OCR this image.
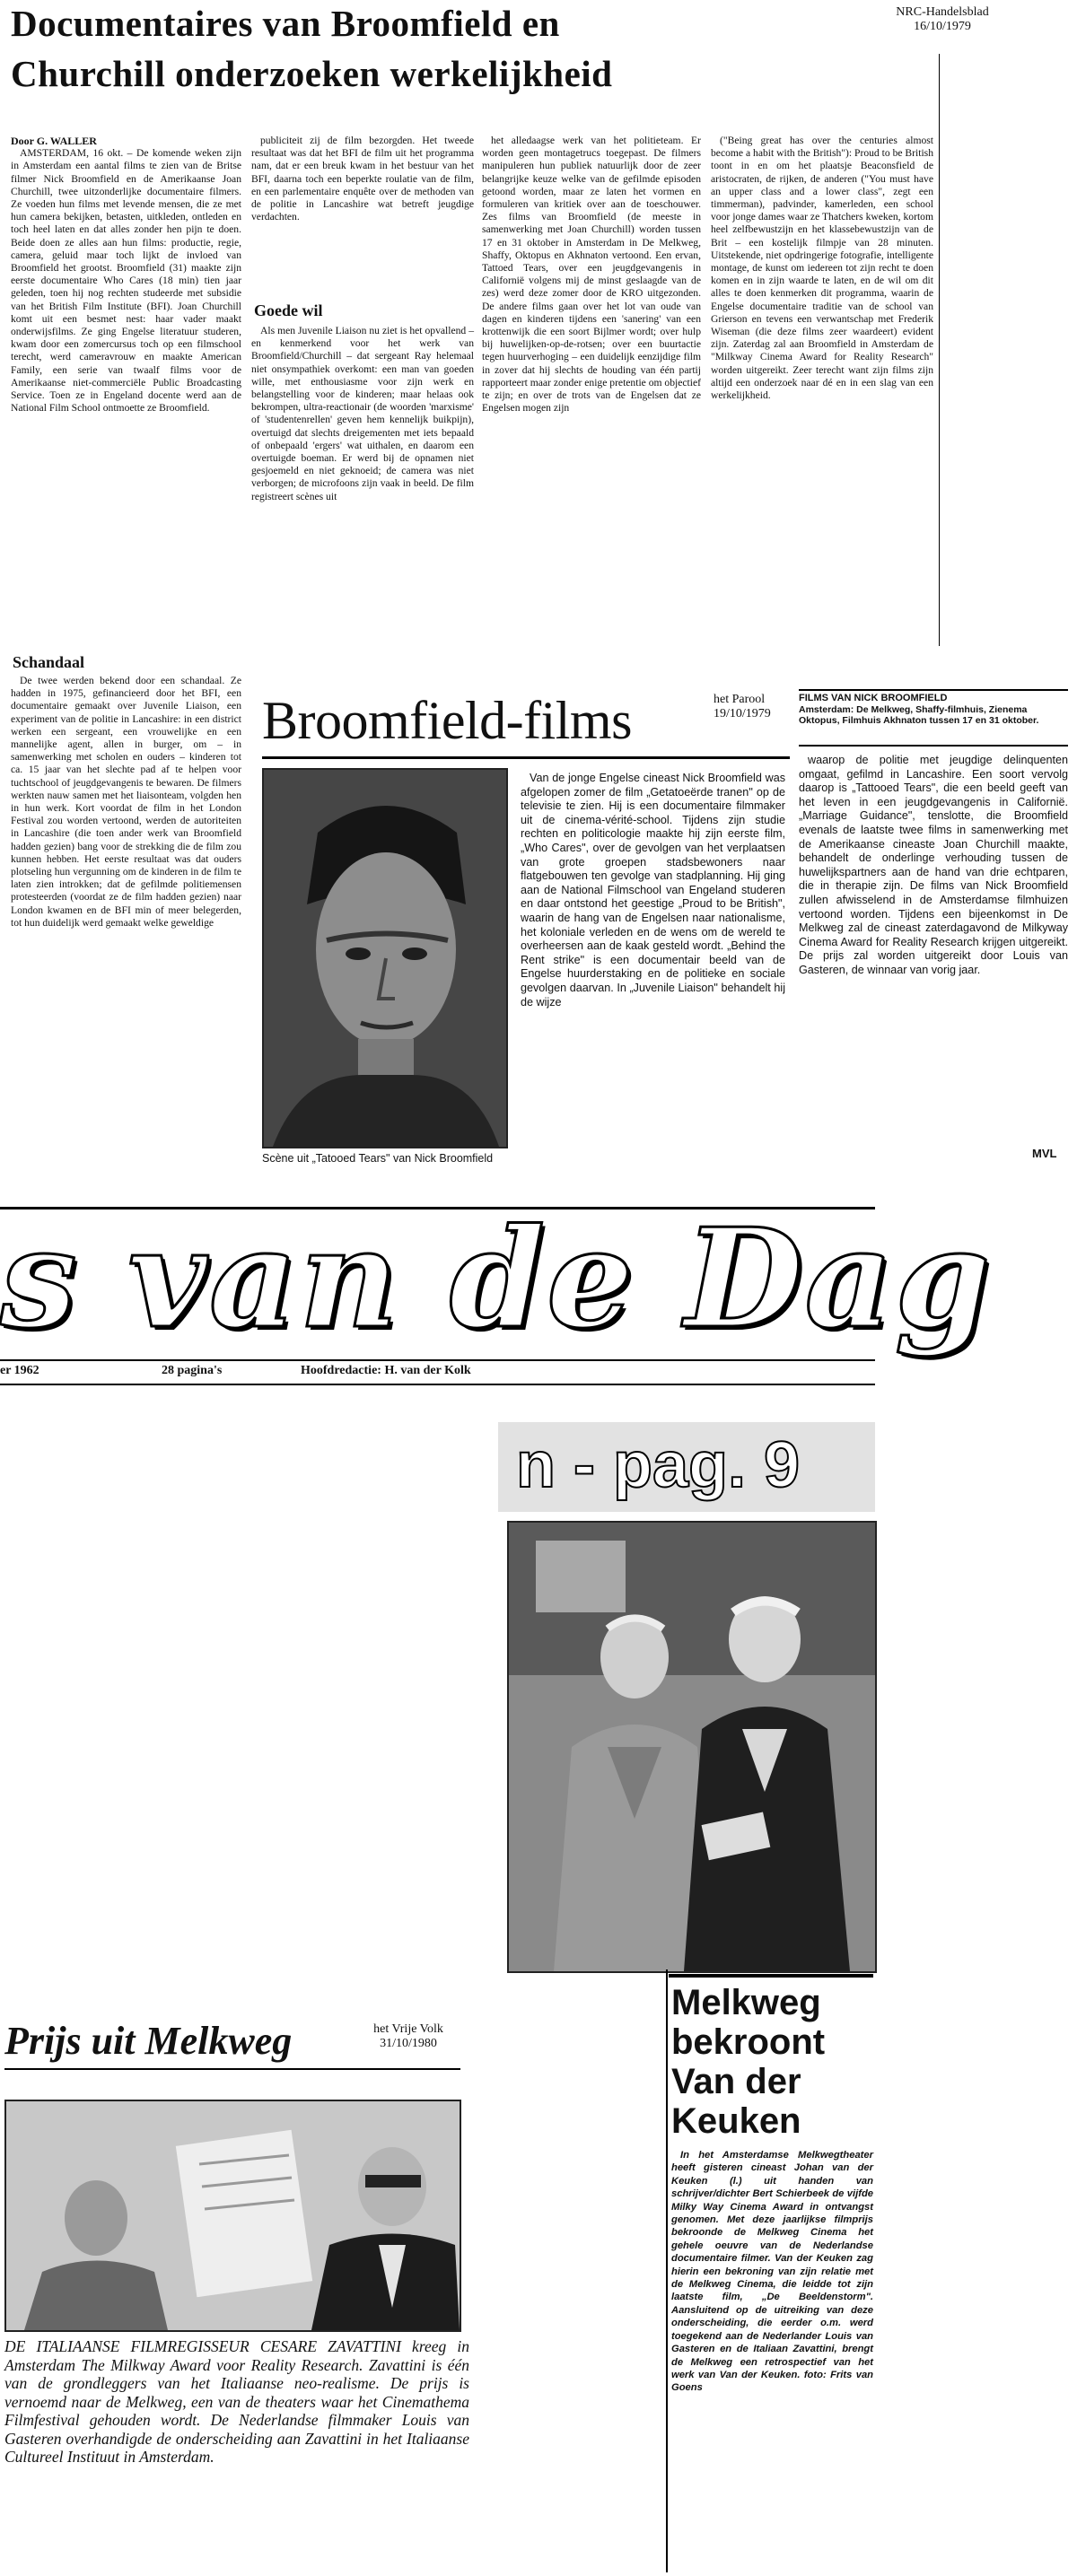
Documentaires van Broomfield en
Churchill onderzoeken werkelijkheid
NRC-Handelsblad
16/10/1979
Door G. WALLER

AMSTERDAM, 16 okt. – De komende weken zijn in Amsterdam een aantal films te zien van de Britse filmer Nick Broomfield en de Amerikaanse Joan Churchill, twee uitzonderlijke documentaire filmers. Ze voeden hun films met levende mensen, die ze met hun camera bekijken, betasten, uitkleden, ontleden en toch heel laten en dat alles zonder hen pijn te doen. Beide doen ze alles aan hun films: productie, regie, camera, geluid maar toch lijkt de invloed van Broomfield het grootst. Broomfield (31) maakte zijn eerste documentaire Who Cares (18 min) tien jaar geleden, toen hij nog rechten studeerde met subsidie van het British Film Institute (BFI). Joan Churchill komt uit een besmet nest: haar vader maakt onderwijsfilms. Ze ging Engelse literatuur studeren, kwam door een zomercursus toch op een filmschool terecht, werd cameravrouw en maakte American Family, een serie van twaalf films voor de Amerikaanse niet-commerciële Public Broadcasting Service. Toen ze in Engeland docente werd aan de National Film School ontmoette ze Broomfield.

Schandaal

De twee werden bekend door een schandaal. Ze hadden in 1975, gefinancieerd door het BFI, een documentaire gemaakt over Juvenile Liaison, een experiment van de politie in Lancashire: in een district werken een sergeant, een vrouwelijke en een mannelijke agent, allen in burger, om – in samenwerking met scholen en ouders – kinderen tot ca. 15 jaar van het slechte pad af te helpen voor tuchtschool of jeugdgevangenis te bewaren. De filmers werkten nauw samen met het liaisonteam, volgden hen in hun werk. Kort voordat de film in het London Festival zou worden vertoond, werden de autoriteiten in Lancashire (die toen ander werk van Broomfield hadden gezien) bang voor de strekking die de film zou kunnen hebben. Het eerste resultaat was dat ouders plotseling hun vergunning om de kinderen in de film te laten zien introkken; dat de gefilmde politiemensen protesteerden (voordat ze de film hadden gezien) naar London kwamen en de BFI min of meer belegerden, tot hun duidelijk werd gemaakt welke geweldige

publiciteit zij de film bezorgden. Het tweede resultaat was dat het BFI de film uit het programma nam, dat er een breuk kwam in het bestuur van het BFI, daarna toch een beperkte roulatie van de film, en een parlementaire enquête over de methoden van de politie in Lancashire wat betreft jeugdige verdachten.

Goede wil

Als men Juvenile Liaison nu ziet is het opvallend – en kenmerkend voor het werk van Broomfield/Churchill – dat sergeant Ray helemaal niet onsympathiek overkomt: een man van goeden wille, met enthousiasme voor zijn werk en belangstelling voor de kinderen; maar helaas ook bekrompen, ultra-reactionair (de woorden 'marxisme' of 'studentenrellen' geven hem kennelijk buikpijn), overtuigd dat slechts dreigementen met iets bepaald of onbepaald 'ergers' wat uithalen, en daarom een overtuigde boeman. Er werd bij de opnamen niet gesjoemeld en niet geknoeid; de camera was niet verborgen; de microfoons zijn vaak in beeld. De film registreert scènes uit

het alledaagse werk van het politieteam. Er worden geen montagetrucs toegepast. De filmers manipuleren hun publiek natuurlijk door de zeer belangrijke keuze welke van de gefilmde episoden getoond worden, maar ze laten het vormen en formuleren van kritiek over aan de toeschouwer. Zes films van Broomfield (de meeste in samenwerking met Joan Churchill) worden tussen 17 en 31 oktober in Amsterdam in De Melkweg, Shaffy, Oktopus en Akhnaton vertoond. Een ervan, Tattoed Tears, over een jeugdgevangenis in Californië volgens mij de minst geslaagde van de zes) werd deze zomer door de KRO uitgezonden. De andere films gaan over het lot van oude van dagen en kinderen tijdens een 'sanering' van een krottenwijk die een soort Bijlmer wordt; over hulp bij huwelijken-op-de-rotsen; over een buurtactie tegen huurverhoging – een duidelijk eenzijdige film in zover dat hij slechts de houding van één partij rapporteert maar zonder enige pretentie om objectief te zijn; en over de trots van de Engelsen dat ze Engelsen mogen zijn

("Being great has over the centuries almost become a habit with the British"): Proud to be British toont in en om het plaatsje Beaconsfield de aristocraten, de rijken, de anderen ("You must have an upper class and a lower class", zegt een timmerman), padvinder, kamerleden, een school voor jonge dames waar ze Thatchers kweken, kortom heel zelfbewustzijn en het klassebewustzijn van de Brit – een kostelijk filmpje van 28 minuten. Uitstekende, niet opdringerige fotografie, intelligente montage, de kunst om iedereen tot zijn recht te doen komen en in zijn waarde te laten, en de wil om dit alles te doen kenmerken dit programma, waarin de Engelse documentaire traditie van de school van Grierson en tevens een verwantschap met Frederik Wiseman (die deze films zeer waardeert) evident zijn. Zaterdag zal aan Broomfield in Amsterdam de "Milkway Cinema Award for Reality Research" worden uitgereikt. Zeer terecht want zijn films zijn altijd een onderzoek naar dé en in een slag van een werkelijkheid.

Broomfield-films	het Parool
19/10/1979
Scène uit „Tatooed Tears" van Nick Broomfield

Van de jonge Engelse cineast Nick Broomfield was afgelopen zomer de film „Getatoeërde tranen" op de televisie te zien. Hij is een documentaire filmmaker uit de cinema-vérité-school. Tijdens zijn studie rechten en politicologie maakte hij zijn eerste film, „Who Cares", over de gevolgen van het verplaatsen van grote groepen stadsbewoners naar flatgebouwen ten gevolge van stadplanning. Hij ging aan de National Filmschool van Engeland studeren en daar ontstond het geestige „Proud to be British", waarin de hang van de Engelsen naar nationalisme, het koloniale verleden en de wens om de wereld te overheersen aan de kaak gesteld wordt. „Behind the Rent strike" is een documentair beeld van de Engelse huurderstaking en de politieke en sociale gevolgen daarvan. In „Juvenile Liaison" behandelt hij de wijze

FILMS VAN NICK BROOMFIELD
Amsterdam: De Melkweg, Shaffy-filmhuis, Zienema Oktopus, Filmhuis Akhnaton tussen 17 en 31 oktober.

waarop de politie met jeugdige delinquenten omgaat, gefilmd in Lancashire. Een soort vervolg daarop is „Tattooed Tears", die een beeld geeft van het leven in een jeugdgevangenis in Californië. „Marriage Guidance", tenslotte, die Broomfield evenals de laatste twee films in samenwerking met de Amerikaanse cineaste Joan Churchill maakte, behandelt de onderlinge verhouding tussen de huwelijkspartners aan de hand van drie echtparen, die in therapie zijn. De films van Nick Broomfield zullen afwisselend in de Amsterdamse filmhuizen vertoond worden. Tijdens een bijeenkomst in De Melkweg zal de cineast zaterdagavond de Milkyway Cinema Award for Reality Research krijgen uitgereikt. De prijs zal worden uitgereikt door Louis van Gasteren, de winnaar van vorig jaar.

MVL
s van de Dag
er 1962	28 pagina's	Hoofdredactie: H. van der Kolk
n - pag. 9
Melkweg bekroont Van der Keuken

In het Amsterdamse Melkwegtheater heeft gisteren cineast Johan van der Keuken (l.) uit handen van schrijver/dichter Bert Schierbeek de vijfde Milky Way Cinema Award in ontvangst genomen. Met deze jaarlijkse filmprijs bekroonde de Melkweg Cinema het gehele oeuvre van de Nederlandse documentaire filmer. Van der Keuken zag hierin een bekroning van zijn relatie met de Melkweg Cinema, die leidde tot zijn laatste film, „De Beeldenstorm". Aansluitend op de uitreiking van deze onderscheiding, die eerder o.m. werd toegekend aan de Nederlander Louis van Gasteren en de Italiaan Zavattini, brengt de Melkweg een retrospectief van het werk van Van der Keuken. foto: Frits van Goens

Prijs uit Melkweg	het Vrije Volk
31/10/1980

DE ITALIAANSE FILMREGISSEUR CESARE ZAVATTINI kreeg in Amsterdam The Milkway Award voor Reality Research. Zavattini is één van de grondleggers van het Italiaanse neo-realisme. De prijs is vernoemd naar de Melkweg, een van de theaters waar het Cinemathema Filmfestival gehouden wordt. De Nederlandse filmmaker Louis van Gasteren overhandigde de onderscheiding aan Zavattini in het Italiaanse Cultureel Instituut in Amsterdam.
